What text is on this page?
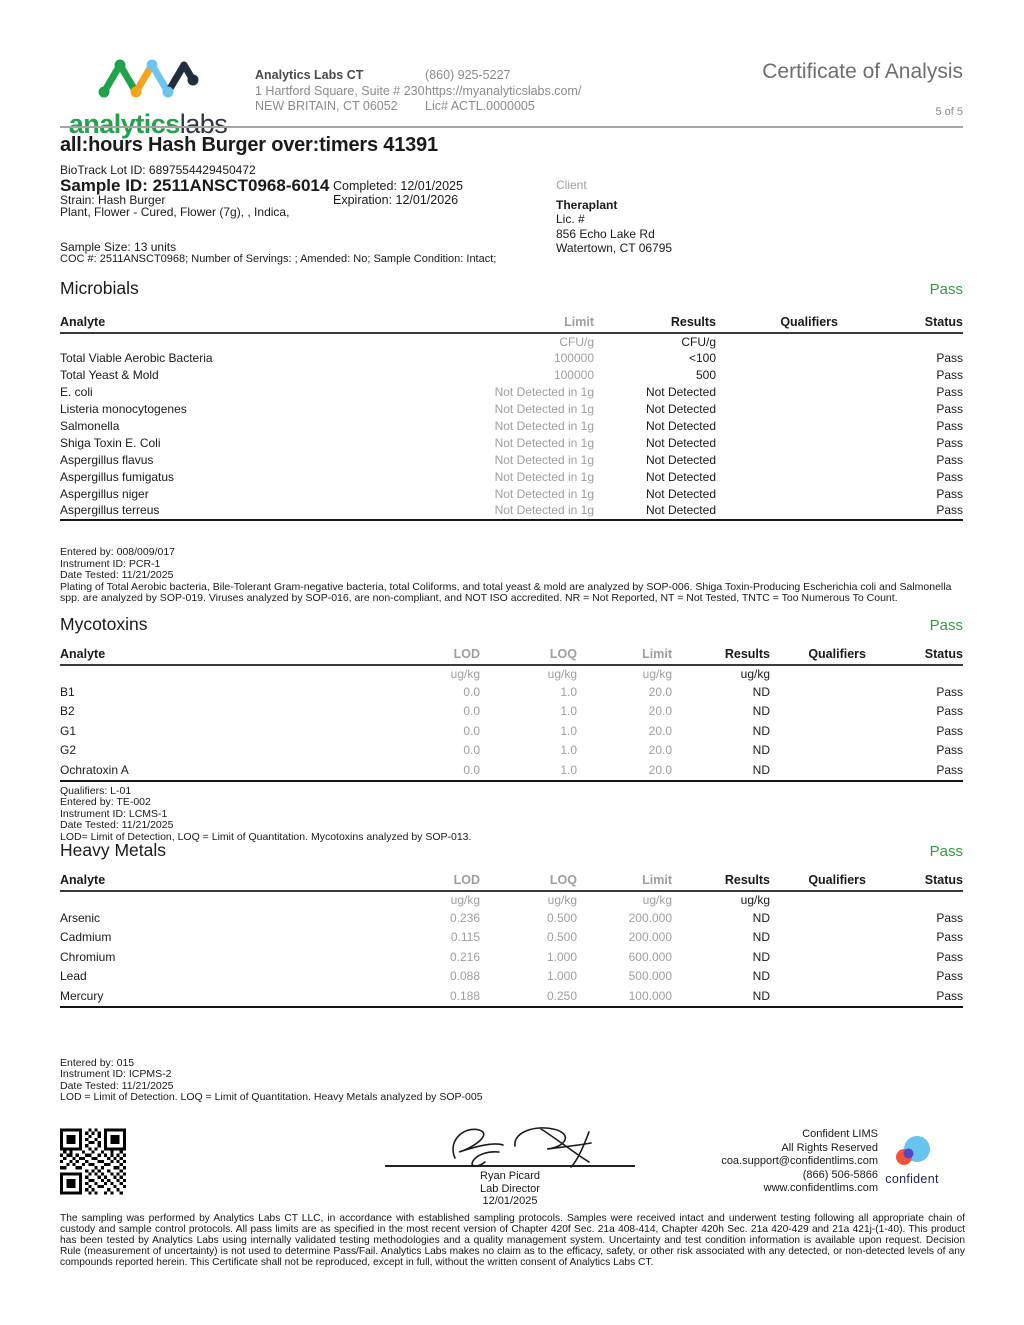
analyticslabs
Analytics Labs CT
1 Hartford Square, Suite # 230
NEW BRITAIN, CT 06052
(860) 925-5227
https://myanalyticslabs.com/
Lic# ACTL.0000005
Certificate of Analysis
5 of 5
all:hours Hash Burger over:timers 41391
BioTrack Lot ID: 6897554429450472
Sample ID: 2511ANSCT0968-6014
Strain: Hash Burger
Plant, Flower - Cured, Flower (7g), , Indica,
Completed: 12/01/2025
Expiration: 12/01/2026
Sample Size: 13 units
COC #: 2511ANSCT0968; Number of Servings: ; Amended: No; Sample Condition: Intact;
Client
Theraplant
Lic. #
856 Echo Lake Rd
Watertown, CT 06795
Microbials	Pass
Analyte	Limit	Results	Qualifiers	Status
CFU/g	CFU/g
Total Viable Aerobic Bacteria	100000	<100	Pass
Total Yeast & Mold	100000	500	Pass
E. coli	Not Detected in 1g	Not Detected	Pass
Listeria monocytogenes	Not Detected in 1g	Not Detected	Pass
Salmonella	Not Detected in 1g	Not Detected	Pass
Shiga Toxin E. Coli	Not Detected in 1g	Not Detected	Pass
Aspergillus flavus	Not Detected in 1g	Not Detected	Pass
Aspergillus fumigatus	Not Detected in 1g	Not Detected	Pass
Aspergillus niger	Not Detected in 1g	Not Detected	Pass
Aspergillus terreus	Not Detected in 1g	Not Detected	Pass
Entered by: 008/009/017
Instrument ID: PCR-1
Date Tested: 11/21/2025
Plating of Total Aerobic bacteria, Bile-Tolerant Gram-negative bacteria, total Coliforms, and total yeast & mold are analyzed by SOP-006. Shiga Toxin-Producing Escherichia coli and Salmonella spp. are analyzed by SOP-019. Viruses analyzed by SOP-016, are non-compliant, and NOT ISO accredited. NR = Not Reported, NT = Not Tested, TNTC = Too Numerous To Count.
Mycotoxins	Pass
Analyte	LOD	LOQ	Limit	Results	Qualifiers	Status
ug/kg	ug/kg	ug/kg	ug/kg
B1	0.0	1.0	20.0	ND	Pass
B2	0.0	1.0	20.0	ND	Pass
G1	0.0	1.0	20.0	ND	Pass
G2	0.0	1.0	20.0	ND	Pass
Ochratoxin A	0.0	1.0	20.0	ND	Pass
Qualifiers: L-01
Entered by: TE-002
Instrument ID: LCMS-1
Date Tested: 11/21/2025
LOD= Limit of Detection, LOQ = Limit of Quantitation. Mycotoxins analyzed by SOP-013.
Heavy Metals	Pass
Analyte	LOD	LOQ	Limit	Results	Qualifiers	Status
ug/kg	ug/kg	ug/kg	ug/kg
Arsenic	0.236	0.500	200.000	ND	Pass
Cadmium	0.115	0.500	200.000	ND	Pass
Chromium	0.216	1.000	600.000	ND	Pass
Lead	0.088	1.000	500.000	ND	Pass
Mercury	0.188	0.250	100.000	ND	Pass
Entered by: 015
Instrument ID: ICPMS-2
Date Tested: 11/21/2025
LOD = Limit of Detection. LOQ = Limit of Quantitation. Heavy Metals analyzed by SOP-005
Ryan Picard
Lab Director
12/01/2025
Confident LIMS
All Rights Reserved
coa.support@confidentlims.com
(866) 506-5866
www.confidentlims.com
confident
The sampling was performed by Analytics Labs CT LLC, in accordance with established sampling protocols. Samples were received intact and underwent testing following all appropriate chain of custody and sample control protocols. All pass limits are as specified in the most recent version of Chapter 420f Sec. 21a 408-414, Chapter 420h Sec. 21a 420-429 and 21a 421j-(1-40). This product has been tested by Analytics Labs using internally validated testing methodologies and a quality management system. Uncertainty and test condition information is available upon request. Decision Rule (measurement of uncertainty) is not used to determine Pass/Fail. Analytics Labs makes no claim as to the efficacy, safety, or other risk associated with any detected, or non-detected levels of any compounds reported herein. This Certificate shall not be reproduced, except in full, without the written consent of Analytics Labs CT.
